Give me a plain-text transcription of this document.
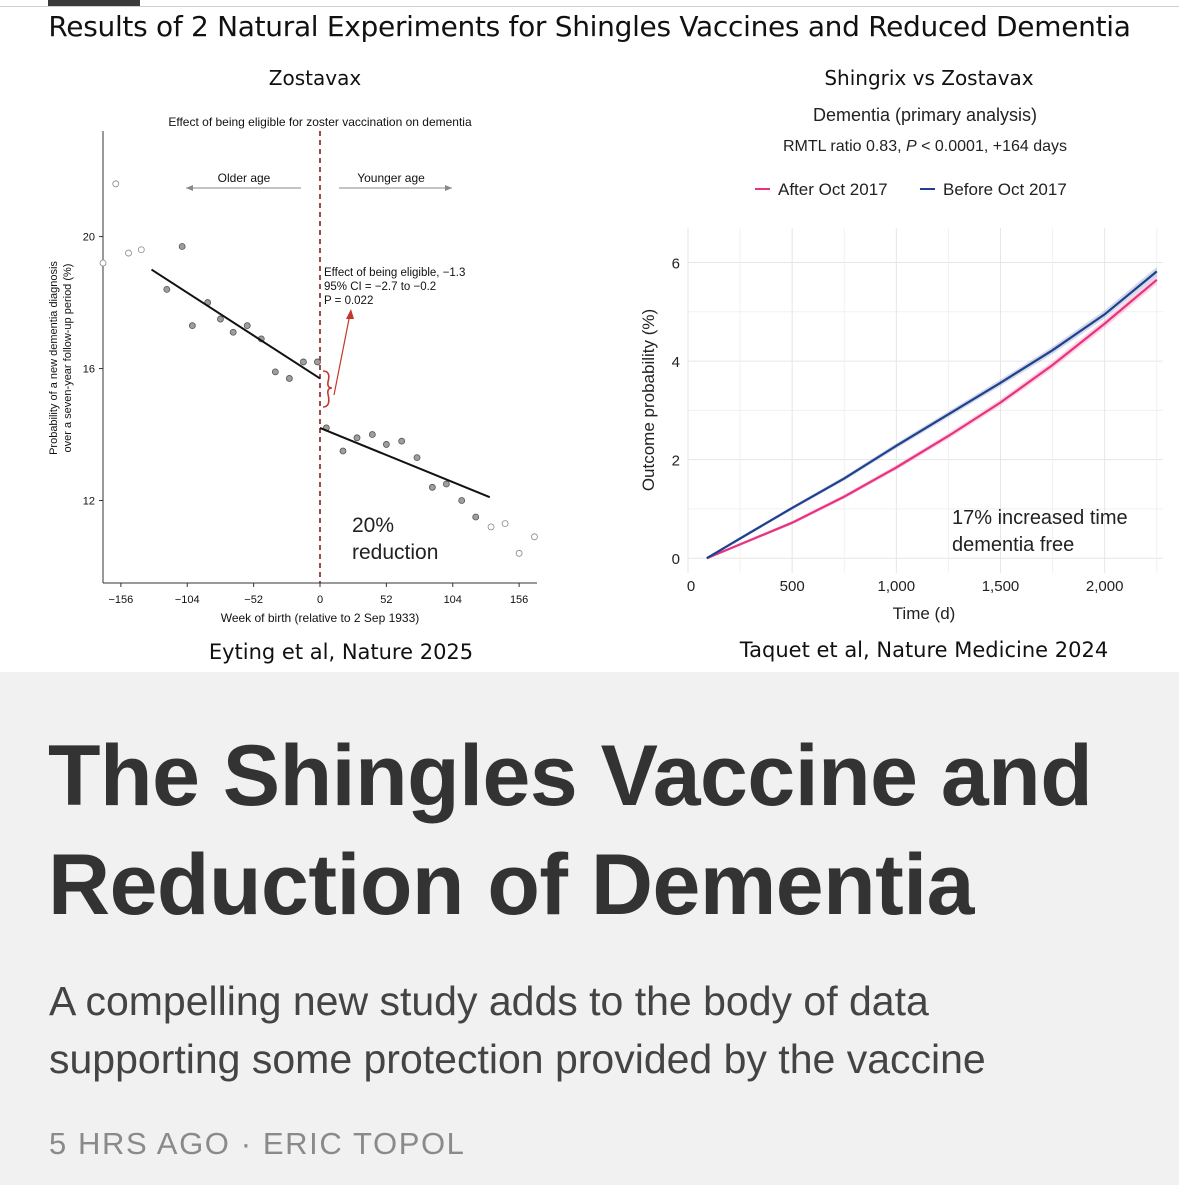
Results of 2 Natural Experiments for Shingles Vaccines and Reduced Dementia
Zostavax	Shingrix vs Zostavax
Effect of being eligible for zoster vaccination on dementia
Older age	Younger age
Probability of a new dementia diagnosis over a seven-year follow-up period (%)
Week of birth (relative to 2 Sep 1933)
Effect of being eligible, −1.3
95% CI = −2.7 to −0.2
P = 0.022
20%
reduction
12
16
20
−156	−104	−52	0	52	104	156
Dementia (primary analysis)
RMTL ratio 0.83, P < 0.0001, +164 days
After Oct 2017	Before Oct 2017
Outcome probability (%)
Time (d)
17% increased time
dementia free
0
2
4
6
0	500	1,000	1,500	2,000
Eyting et al, Nature 2025	Taquet et al, Nature Medicine 2024
The Shingles Vaccine and
Reduction of Dementia

A compelling new study adds to the body of data
supporting some protection provided by the vaccine

5 HRS AGO · ERIC TOPOL
